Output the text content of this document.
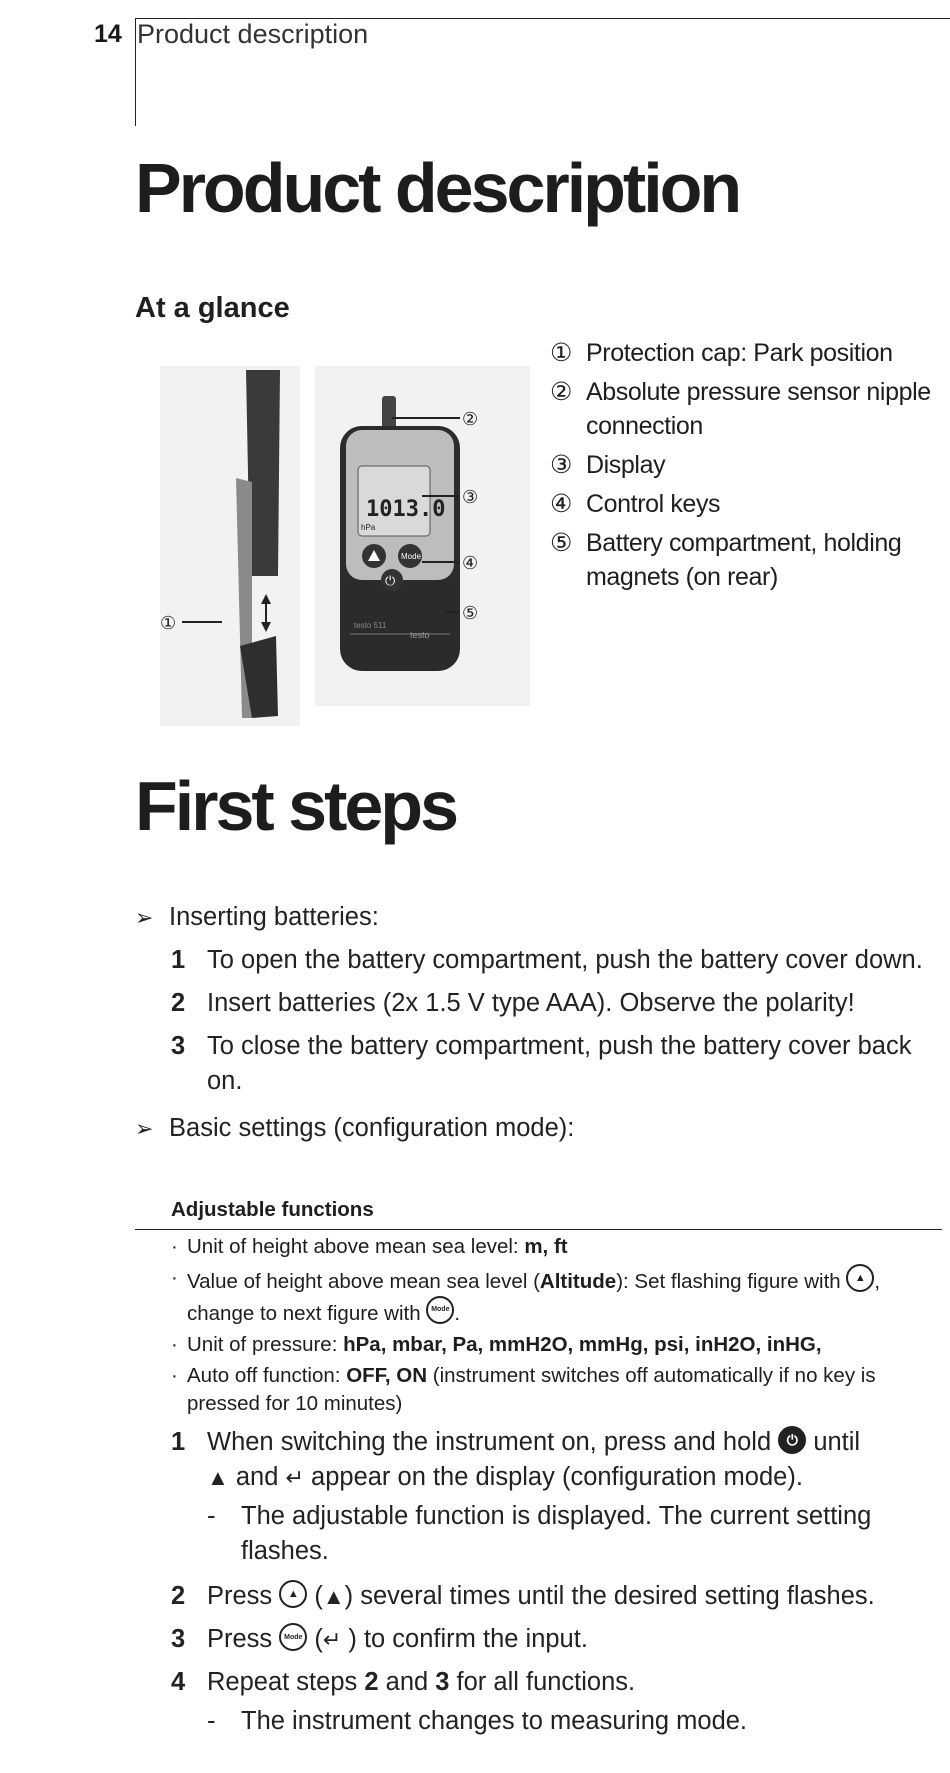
14 Product description
Product description
At a glance
1013.0
hPa
Mode
⏻
testo 511
testo
②
③
④
⑤
①
① Protection cap: Park position
② Absolute pressure sensor nipple connection
③ Display
④ Control keys
⑤ Battery compartment, holding magnets (on rear)
First steps
➢ Inserting batteries:
1 To open the battery compartment, push the battery cover down.
2 Insert batteries (2x 1.5 V type AAA). Observe the polarity!
3 To close the battery compartment, push the battery cover back on.
➢ Basic settings (configuration mode):
Adjustable functions
· Unit of height above mean sea level: m, ft
· Value of height above mean sea level (Altitude): Set flashing figure with ▲ ,
change to next figure with Mode .
· Unit of pressure: hPa, mbar, Pa, mmH2O, mmHg, psi, inH2O, inHG,
· Auto off function: OFF, ON (instrument switches off automatically if no key is pressed for 10 minutes)
1 When switching the instrument on, press and hold ⏻ until
▲ and ↵ appear on the display (configuration mode).
-	The adjustable function is displayed. The current setting flashes.
2 Press ▲ (▲) several times until the desired setting flashes.
3 Press Mode (↵ ) to confirm the input.
4 Repeat steps 2 and 3 for all functions.
-	The instrument changes to measuring mode.
